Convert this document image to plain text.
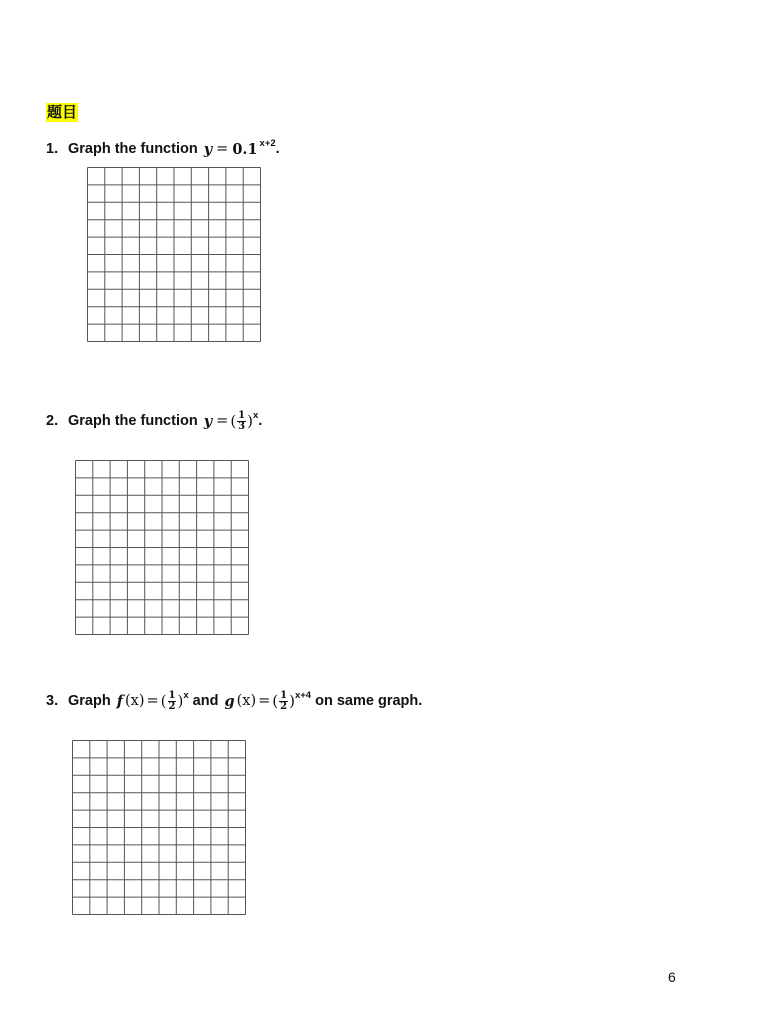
题目
1. Graph the function
y = 0.1 x+2 .
2. Graph the function
y = ( $\frac{1}{3}$ ) x .
3. Graph
f (x) = ( $\frac{1}{2}$ ) x
and
g (x) = ( $\frac{1}{2}$ ) x+4
on same graph.
6
